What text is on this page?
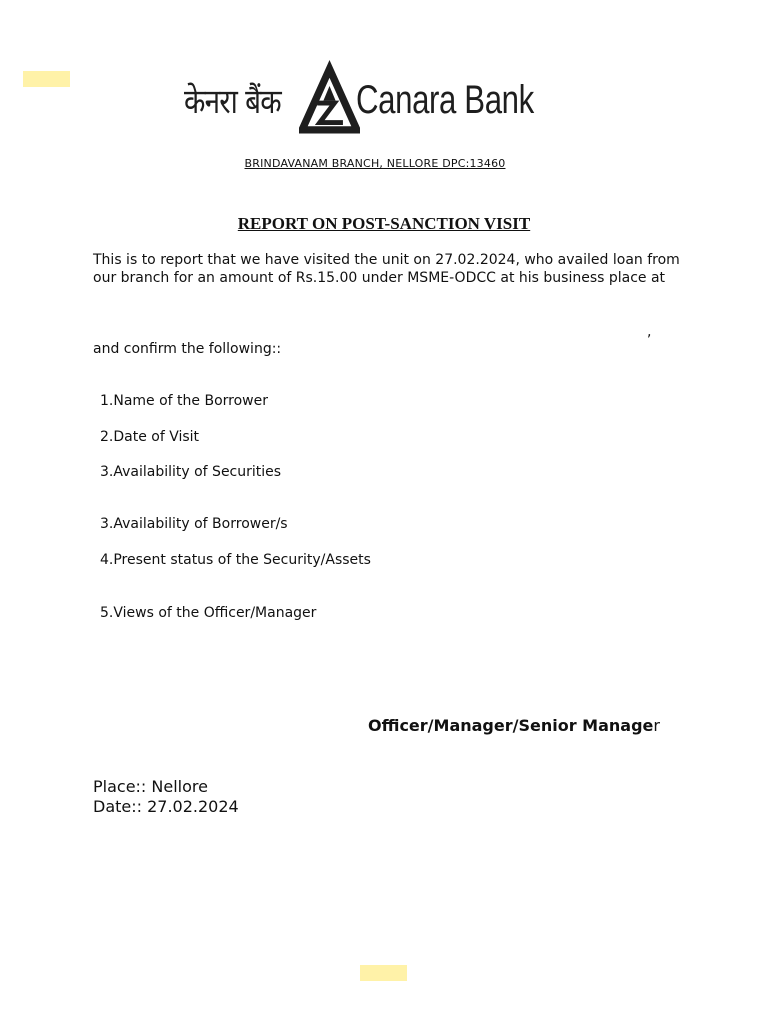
केनरा बैंक Canara Bank
BRINDAVANAM BRANCH, NELLORE DPC:13460
REPORT ON POST-SANCTION VISIT
This is to report that we have visited the unit on 27.02.2024, who availed loan from our branch for an amount of Rs.15.00 under MSME-ODCC at his business place at
,
and confirm the following::
1.Name of the Borrower
2.Date of Visit
3.Availability of Securities
3.Availability of Borrower/s
4.Present status of the Security/Assets
5.Views of the Officer/Manager
Officer/Manager/Senior Manager
Place:: Nellore
Date:: 27.02.2024
